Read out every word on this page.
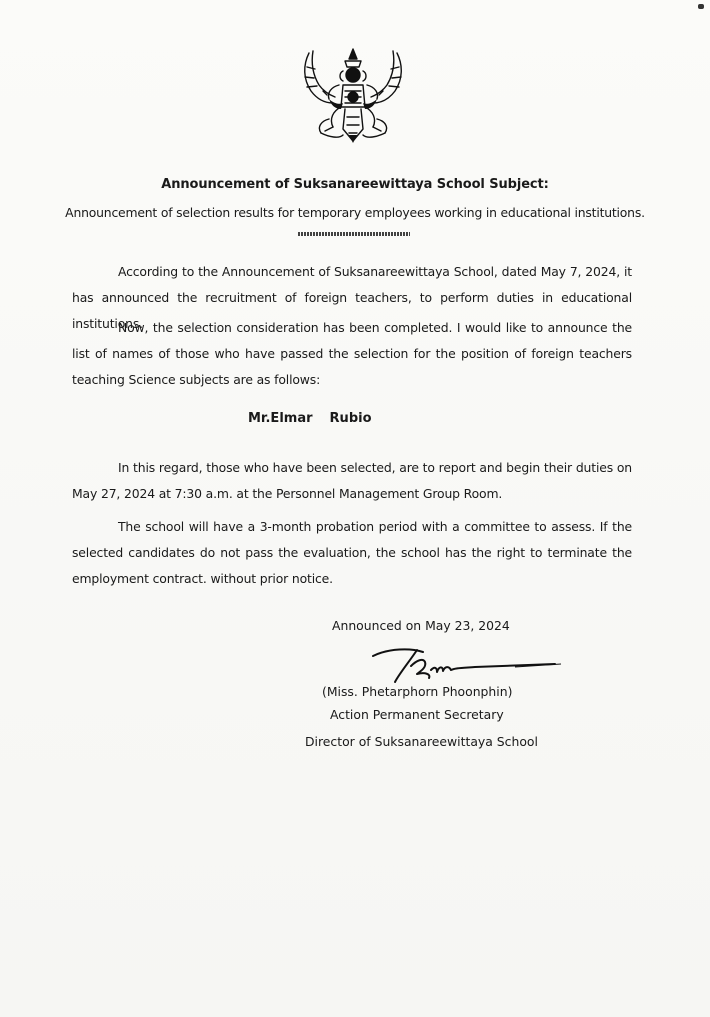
Announcement of Suksanareewittaya School Subject:
Announcement of selection results for temporary employees working in educational institutions.
According to the Announcement of Suksanareewittaya School, dated May 7, 2024, it has announced the recruitment of foreign teachers, to perform duties in educational institutions.
Now, the selection consideration has been completed. I would like to announce the list of names of those who have passed the selection for the position of foreign teachers teaching Science subjects are as follows:
Mr.Elmar  Rubio
In this regard, those who have been selected, are to report and begin their duties on May 27, 2024 at 7:30 a.m. at the Personnel Management Group Room.
The school will have a 3-month probation period with a committee to assess. If the selected candidates do not pass the evaluation, the school has the right to terminate the employment contract. without prior notice.
Announced on May 23, 2024
(Miss. Phetarphorn Phoonphin)
Action Permanent Secretary
Director of Suksanareewittaya School
